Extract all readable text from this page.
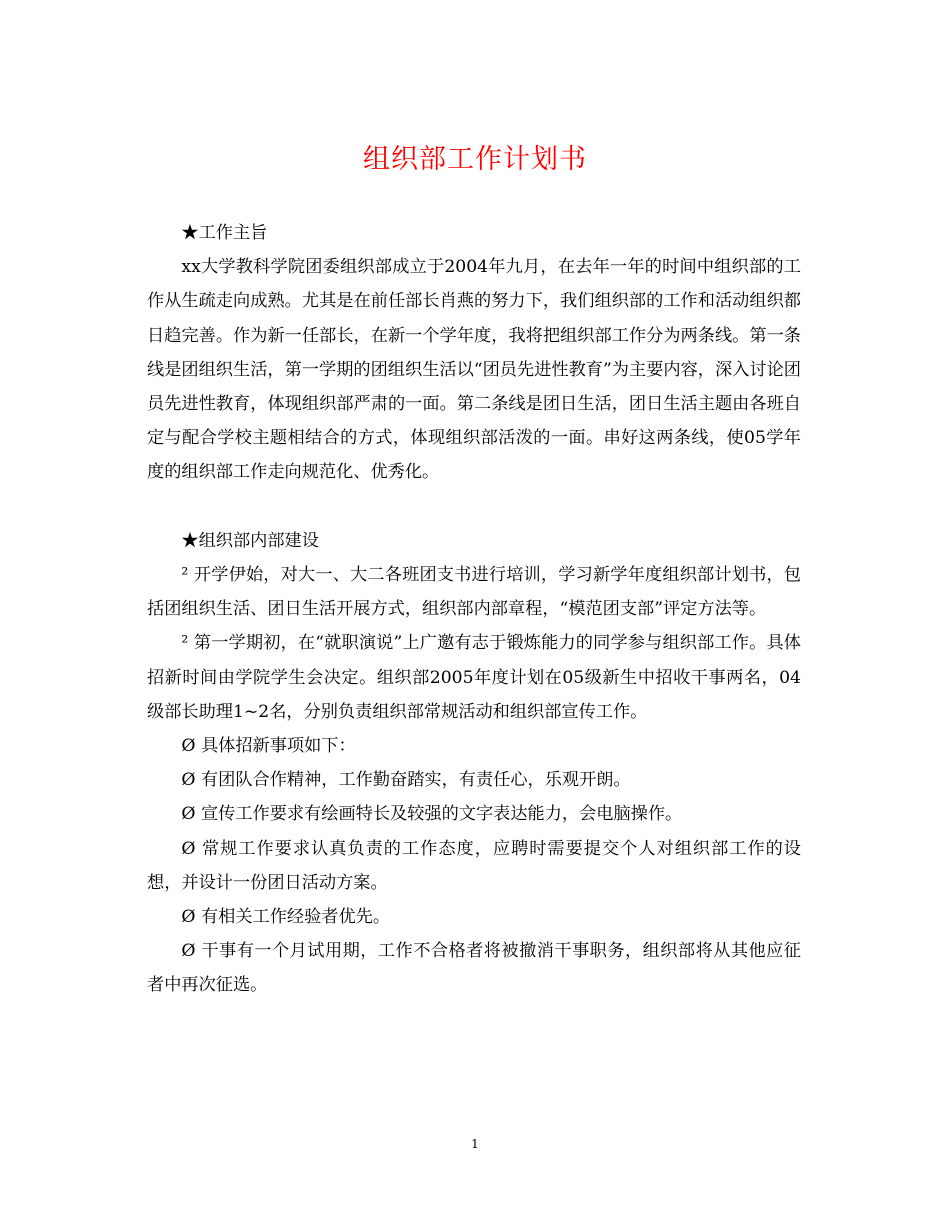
组织部工作计划书

★工作主旨

xx大学教科学院团委组织部成立于2004年九月，在去年一年的时间中组织部的工作从生疏走向成熟。尤其是在前任部长肖燕的努力下，我们组织部的工作和活动组织都日趋完善。作为新一任部长，在新一个学年度，我将把组织部工作分为两条线。第一条线是团组织生活，第一学期的团组织生活以“团员先进性教育”为主要内容，深入讨论团员先进性教育，体现组织部严肃的一面。第二条线是团日生活，团日生活主题由各班自定与配合学校主题相结合的方式，体现组织部活泼的一面。串好这两条线，使05学年度的组织部工作走向规范化、优秀化。

★组织部内部建设

² 开学伊始，对大一、大二各班团支书进行培训，学习新学年度组织部计划书，包括团组织生活、团日生活开展方式，组织部内部章程，“模范团支部”评定方法等。

² 第一学期初，在“就职演说”上广邀有志于锻炼能力的同学参与组织部工作。具体招新时间由学院学生会决定。组织部2005年度计划在05级新生中招收干事两名，04级部长助理1~2名，分别负责组织部常规活动和组织部宣传工作。

Ø 具体招新事项如下：

Ø 有团队合作精神，工作勤奋踏实，有责任心，乐观开朗。

Ø 宣传工作要求有绘画特长及较强的文字表达能力，会电脑操作。

Ø 常规工作要求认真负责的工作态度，应聘时需要提交个人对组织部工作的设想，并设计一份团日活动方案。

Ø 有相关工作经验者优先。

Ø 干事有一个月试用期，工作不合格者将被撤消干事职务，组织部将从其他应征者中再次征选。

1
